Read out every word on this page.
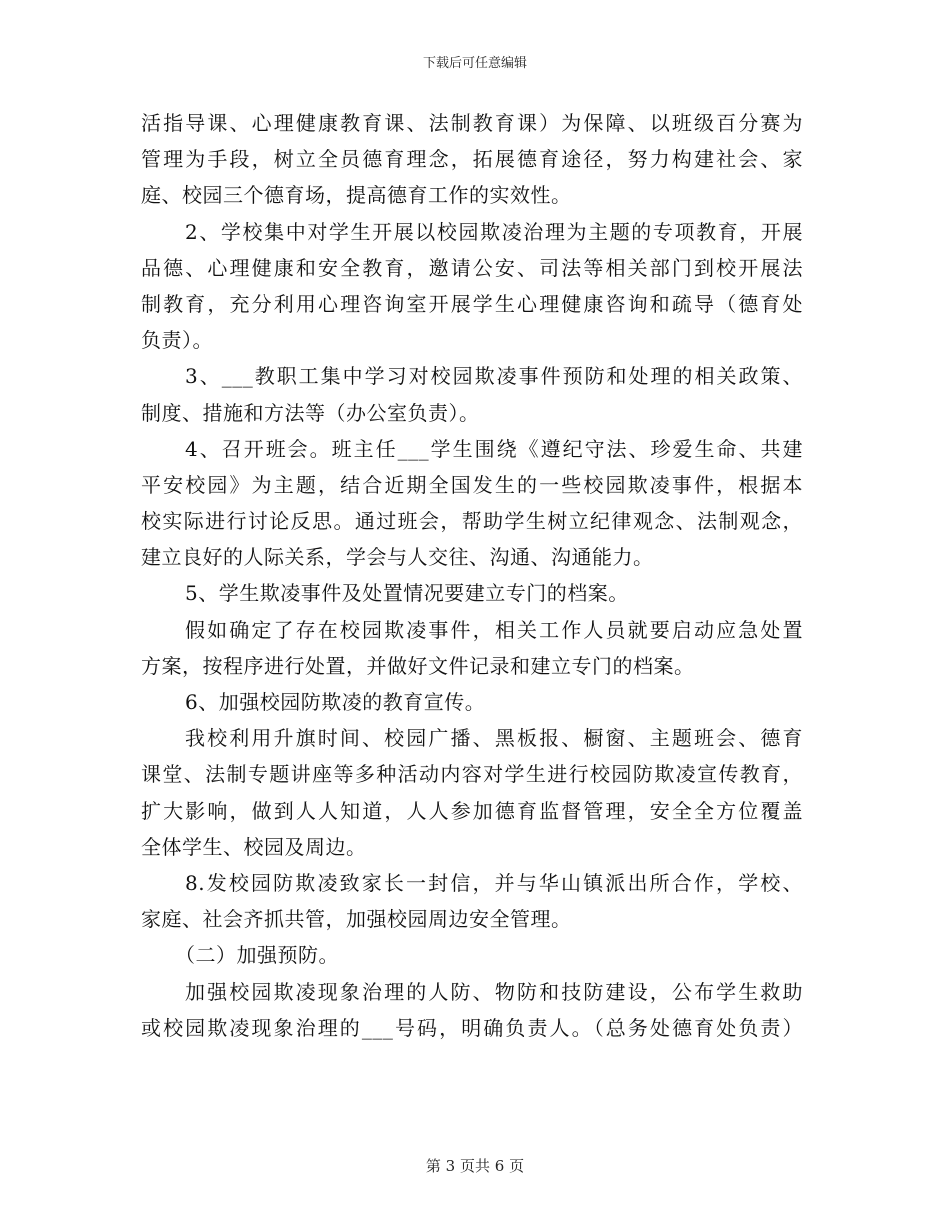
下载后可任意编辑
活指导课、心理健康教育课、法制教育课）为保障、以班级百分赛为
管理为手段，树立全员德育理念，拓展德育途径，努力构建社会、家
庭、校园三个德育场，提高德育工作的实效性。
2、学校集中对学生开展以校园欺凌治理为主题的专项教育，开展
品德、心理健康和安全教育，邀请公安、司法等相关部门到校开展法
制教育，充分利用心理咨询室开展学生心理健康咨询和疏导（德育处
负责）。
3、___教职工集中学习对校园欺凌事件预防和处理的相关政策、
制度、措施和方法等（办公室负责）。
4、召开班会。班主任___学生围绕《遵纪守法、珍爱生命、共建
平安校园》为主题，结合近期全国发生的一些校园欺凌事件，根据本
校实际进行讨论反思。通过班会，帮助学生树立纪律观念、法制观念，
建立良好的人际关系，学会与人交往、沟通、沟通能力。
5、学生欺凌事件及处置情况要建立专门的档案。
假如确定了存在校园欺凌事件，相关工作人员就要启动应急处置
方案，按程序进行处置，并做好文件记录和建立专门的档案。
6、加强校园防欺凌的教育宣传。
我校利用升旗时间、校园广播、黑板报、橱窗、主题班会、德育
课堂、法制专题讲座等多种活动内容对学生进行校园防欺凌宣传教育，
扩大影响，做到人人知道，人人参加德育监督管理，安全全方位覆盖
全体学生、校园及周边。
8.发校园防欺凌致家长一封信，并与华山镇派出所合作，学校、
家庭、社会齐抓共管，加强校园周边安全管理。
（二）加强预防。
加强校园欺凌现象治理的人防、物防和技防建设，公布学生救助
或校园欺凌现象治理的___号码，明确负责人。（总务处德育处负责）
第 3 页共 6 页
